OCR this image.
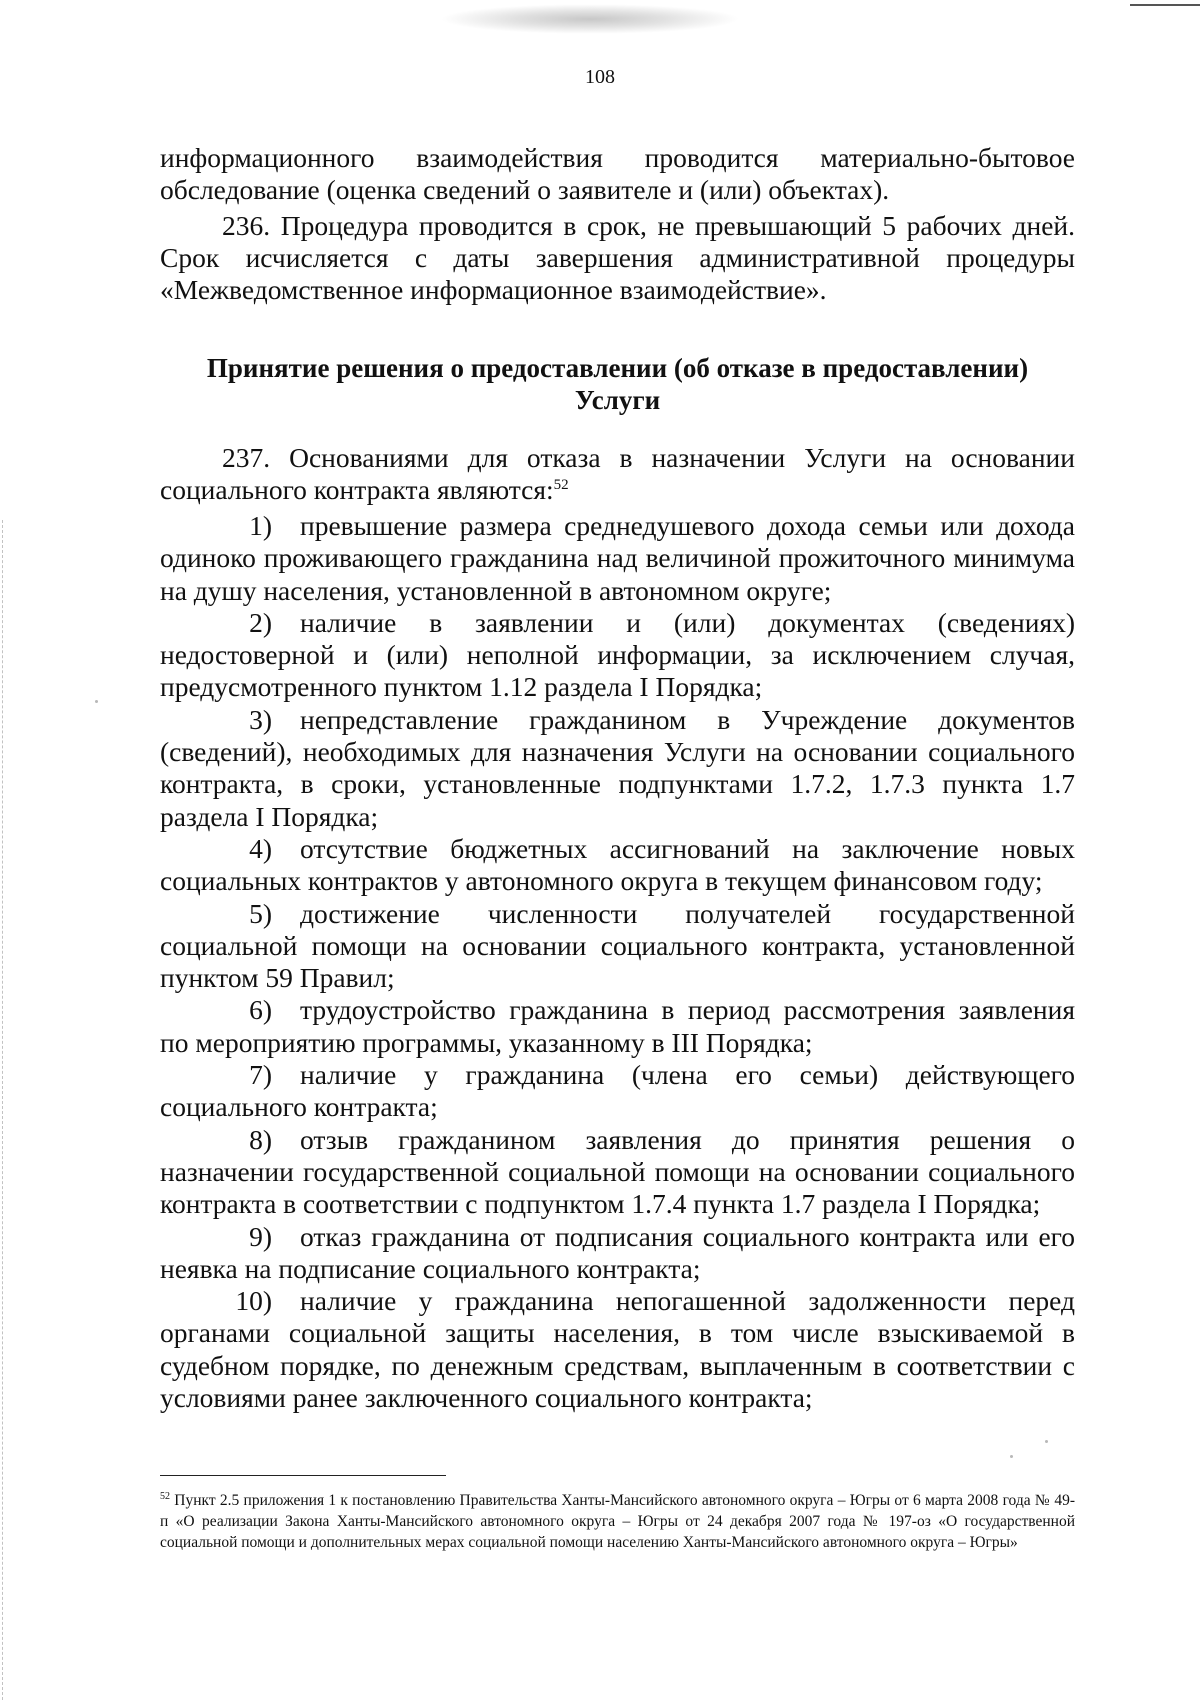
108

информационного взаимодействия проводится материально-бытовое обследование (оценка сведений о заявителе и (или) объектах).

236. Процедура проводится в срок, не превышающий 5 рабочих дней. Срок исчисляется с даты завершения административной процедуры «Межведомственное информационное взаимодействие».

Принятие решения о предоставлении (об отказе в предоставлении)
Услуги

237. Основаниями для отказа в назначении Услуги на основании социального контракта являются:$^{52}$

1) превышение размера среднедушевого дохода семьи или дохода одиноко проживающего гражданина над величиной прожиточного минимума на душу населения, установленной в автономном округе;

2) наличие в заявлении и (или) документах (сведениях) недостоверной и (или) неполной информации, за исключением случая, предусмотренного пунктом 1.12 раздела I Порядка;

3) непредставление гражданином в Учреждение документов (сведений), необходимых для назначения Услуги на основании социального контракта, в сроки, установленные подпунктами 1.7.2, 1.7.3 пункта 1.7 раздела I Порядка;

4) отсутствие бюджетных ассигнований на заключение новых социальных контрактов у автономного округа в текущем финансовом году;

5) достижение численности получателей государственной социальной помощи на основании социального контракта, установленной пунктом 59 Правил;

6) трудоустройство гражданина в период рассмотрения заявления по мероприятию программы, указанному в III Порядка;

7) наличие у гражданина (члена его семьи) действующего социального контракта;

8) отзыв гражданином заявления до принятия решения о назначении государственной социальной помощи на основании социального контракта в соответствии с подпунктом 1.7.4 пункта 1.7 раздела I Порядка;

9) отказ гражданина от подписания социального контракта или его неявка на подписание социального контракта;

10) наличие у гражданина непогашенной задолженности перед органами социальной защиты населения, в том числе взыскиваемой в судебном порядке, по денежным средствам, выплаченным в соответствии с условиями ранее заключенного социального контракта;

$^{52}$ Пункт 2.5 приложения 1 к постановлению Правительства Ханты-Мансийского автономного округа – Югры от 6 марта 2008 года № 49-п «О реализации Закона Ханты-Мансийского автономного округа – Югры от 24 декабря 2007 года № 197-оз «О государственной социальной помощи и дополнительных мерах социальной помощи населению Ханты-Мансийского автономного округа – Югры»
